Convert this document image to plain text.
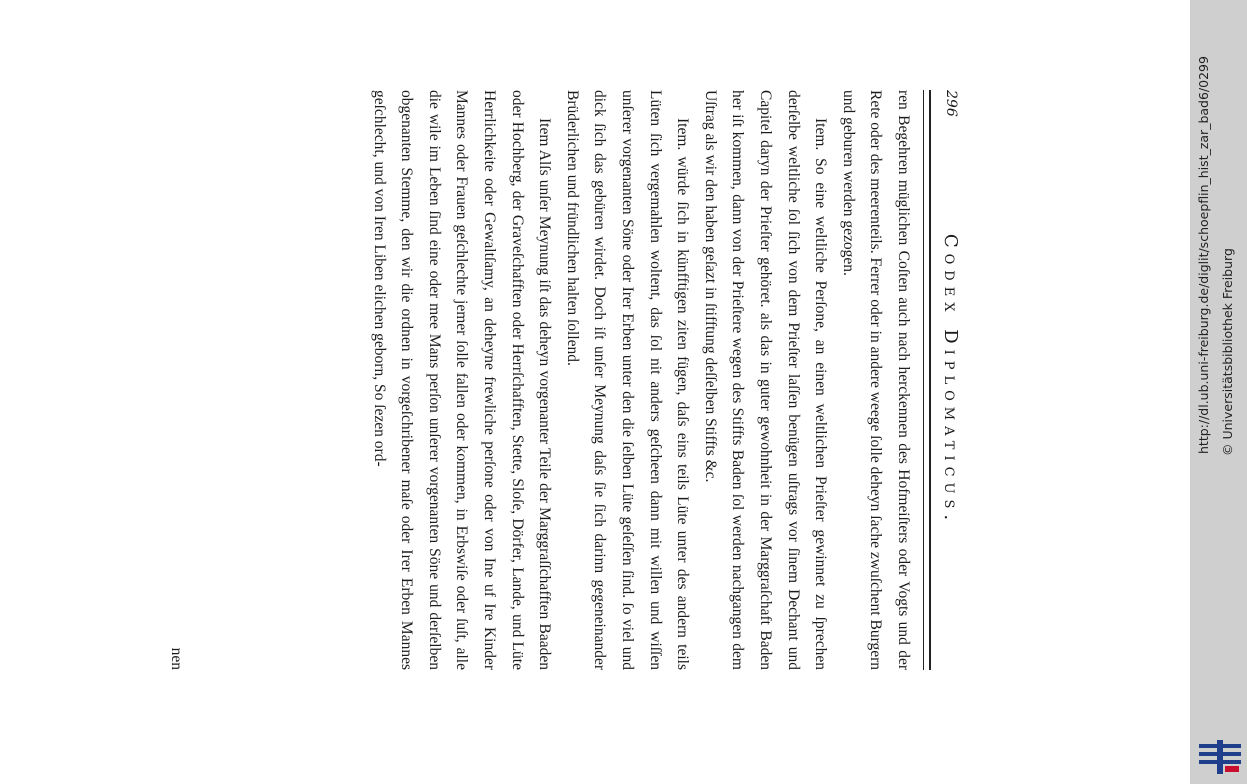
296
Codex Diplomaticus.

ren Begehren müglichen Coſten auch nach herckennen des Hofmeiſters oder Vogts und der Rete oder des meerenteils. Ferrer oder in andere weege ſolle deheyn ſache zwuſchent Burgern und geburen werden gezogen.

Item. So eine weltliche Perſone, an einen weltlichen Prieſter gewinnet zu ſprechen derſelbe weltliche ſol ſich von dem Prieſter laſſen benügen uſtrags vor ſinem Dechant und Capitel daryn der Prieſter gehöret. als das in guter gewohnheit in der Marggraſchaft Baden her iſt kommen, dann von der Prieſtere wegen des Stiffts Baden ſol werden nachgangen dem Uſtrag als wir den haben geſazt in ſtifftung deſſelben Stiffts &c.

Item. würde ſich in künfftigen ziten fügen, daſs eins teils Lüte unter des andern teils Lüten ſich vergemahlen woltent, das ſol nit anders geſcheen dann mit willen und wiſſen unſerer vorgenanten Söne oder Irer Erben unter den die ſelben Lüte geſeſſen ſind. ſo viel und dick ſich das gebüren wirdet. Doch iſt unſer Meynung daſs ſie ſich darinn gegeneinander Brüderlichen und fründlichen halten ſollend.

Item Alſs unſer Meynung iſt das deheyn vorgenanter Teile der Marggraſſchafften Baaden oder Hochberg, der Graveſchafften oder Herrſchafften, Stette, Sloſe, Dörfer, Lande, und Lüte Herrlichkeite oder Gewaltſamy, an deheyne frewliche perſone oder von Ine uf Ire Kinder Mannes oder Frauen geſchlechte jemer ſolle fallen oder kommen, in Erbswiſe oder ſuſt, alle die wile im Leben ſind eine oder mee Mans perſon unſerer vorgenanten Söne und derſelben obgenanten Stemme, den wir die ordnen in vorgeſchribener maſe oder Irer Erben Mannes geſchlecht, und von Iren Liben elichen geborn, So ſezen ord-

nen
http://dl.ub.uni-freiburg.de/diglit/schoepflin_hist_zar_bad6/0299 © Universitätsbibliothek Freiburg
